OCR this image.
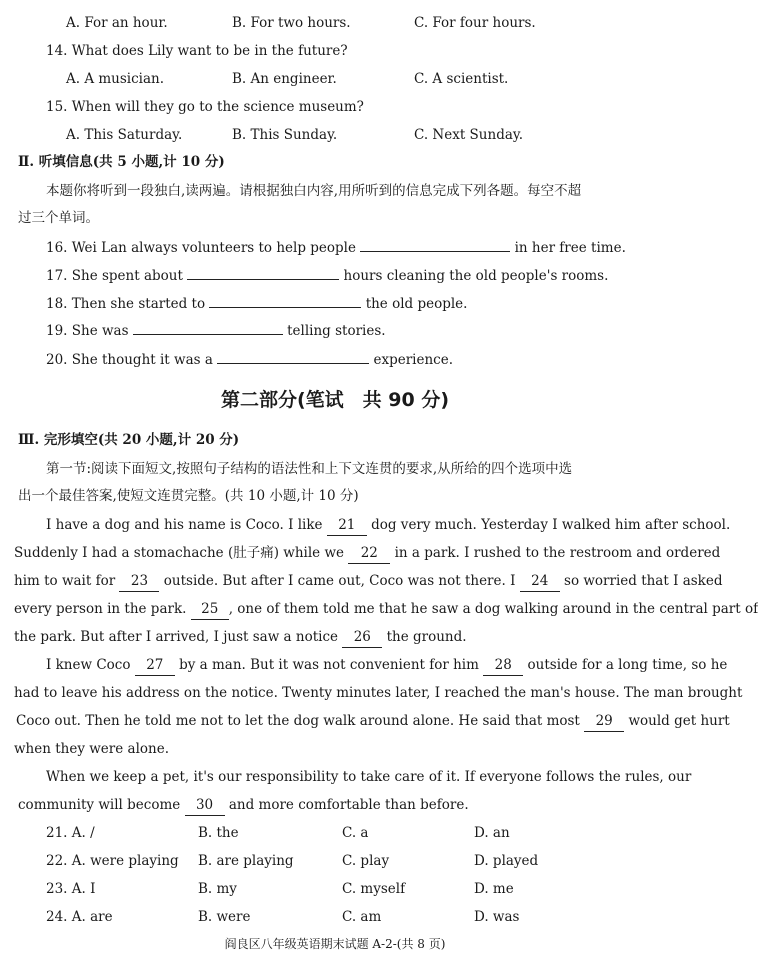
A. For an hour.	B. For two hours.	C. For four hours.
14. What does Lily want to be in the future?
A. A musician.	B. An engineer.	C. A scientist.
15. When will they go to the science museum?
A. This Saturday.	B. This Sunday.	C. Next Sunday.
Ⅱ. 听填信息(共 5 小题,计 10 分)
本题你将听到一段独白,读两遍。请根据独白内容,用所听到的信息完成下列各题。每空不超
过三个单词。
16. Wei Lan always volunteers to help people	in her free time.
17. She spent about	hours cleaning the old people's rooms.
18. Then she started to	the old people.
19. She was	telling stories.
20. She thought it was a	experience.
第二部分(笔试　共 90 分)
Ⅲ. 完形填空(共 20 小题,计 20 分)
第一节:阅读下面短文,按照句子结构的语法性和上下文连贯的要求,从所给的四个选项中选
出一个最佳答案,使短文连贯完整。(共 10 小题,计 10 分)
I have a dog and his name is Coco. I like 21 dog very much. Yesterday I walked him after school.
Suddenly I had a stomachache (肚子痛) while we 22 in a park. I rushed to the restroom and ordered
him to wait for 23 outside. But after I came out, Coco was not there. I 24 so worried that I asked
every person in the park. 25 , one of them told me that he saw a dog walking around in the central part of
the park. But after I arrived, I just saw a notice 26 the ground.
I knew Coco 27 by a man. But it was not convenient for him 28 outside for a long time, so he
had to leave his address on the notice. Twenty minutes later, I reached the man's house. The man brought
Coco out. Then he told me not to let the dog walk around alone. He said that most 29 would get hurt
when they were alone.
When we keep a pet, it's our responsibility to take care of it. If everyone follows the rules, our
community will become 30 and more comfortable than before.
21. A. /	B. the	C. a	D. an
22. A. were playing B. are playing	C. play	D. played
23. A. I	B. my	C. myself	D. me
24. A. are	B. were	C. am	D. was
阎良区八年级英语期末试题 A-2-(共 8 页)
